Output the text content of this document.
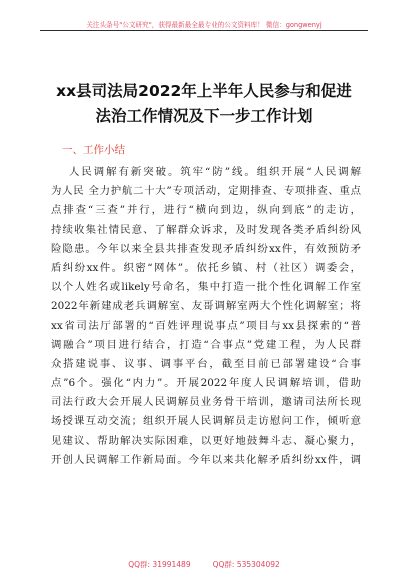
关注头条号"公文研究"，获得最新最全最专业的公文资料库！ 微信：gongwenyj
xx县司法局2022年上半年人民参与和促进
法治工作情况及下一步工作计划
一、工作小结
人民调解有新突破。筑牢“防”线。组织开展“人民调解
为人民 全力护航二十大”专项活动，定期排查、专项排查、重点
点排查“三查”并行，进行“横向到边，纵向到底”的走访，
持续收集社情民意、了解群众诉求，及时发现各类矛盾纠纷风
险隐患。今年以来全县共排查发现矛盾纠纷xx件，有效预防矛
盾纠纷xx件。织密“网体”。依托乡镇、村（社区）调委会，
以个人姓名或likely号命名，集中打造一批个性化调解工作室
2022年新建成老兵调解室、友哥调解室两大个性化调解室；将
xx省司法厅部署的“百姓评理说事点”项目与xx县探索的“普
调融合”项目进行结合，打造“合事点”党建工程，为人民群
众搭建说事、议事、调事平台，截至目前已部署建设“合事
点”6个。强化“内力”。开展2022年度人民调解培训，借助
司法行政大会开展人民调解员业务骨干培训，邀请司法所长现
场授课互动交流；组织开展人民调解员走访慰问工作，倾听意
见建议、帮助解决实际困难，以更好地鼓舞斗志、凝心聚力，
开创人民调解工作新局面。今年以来共化解矛盾纠纷xx件，调
QQ群: 31991489	QQ群: 535304092
